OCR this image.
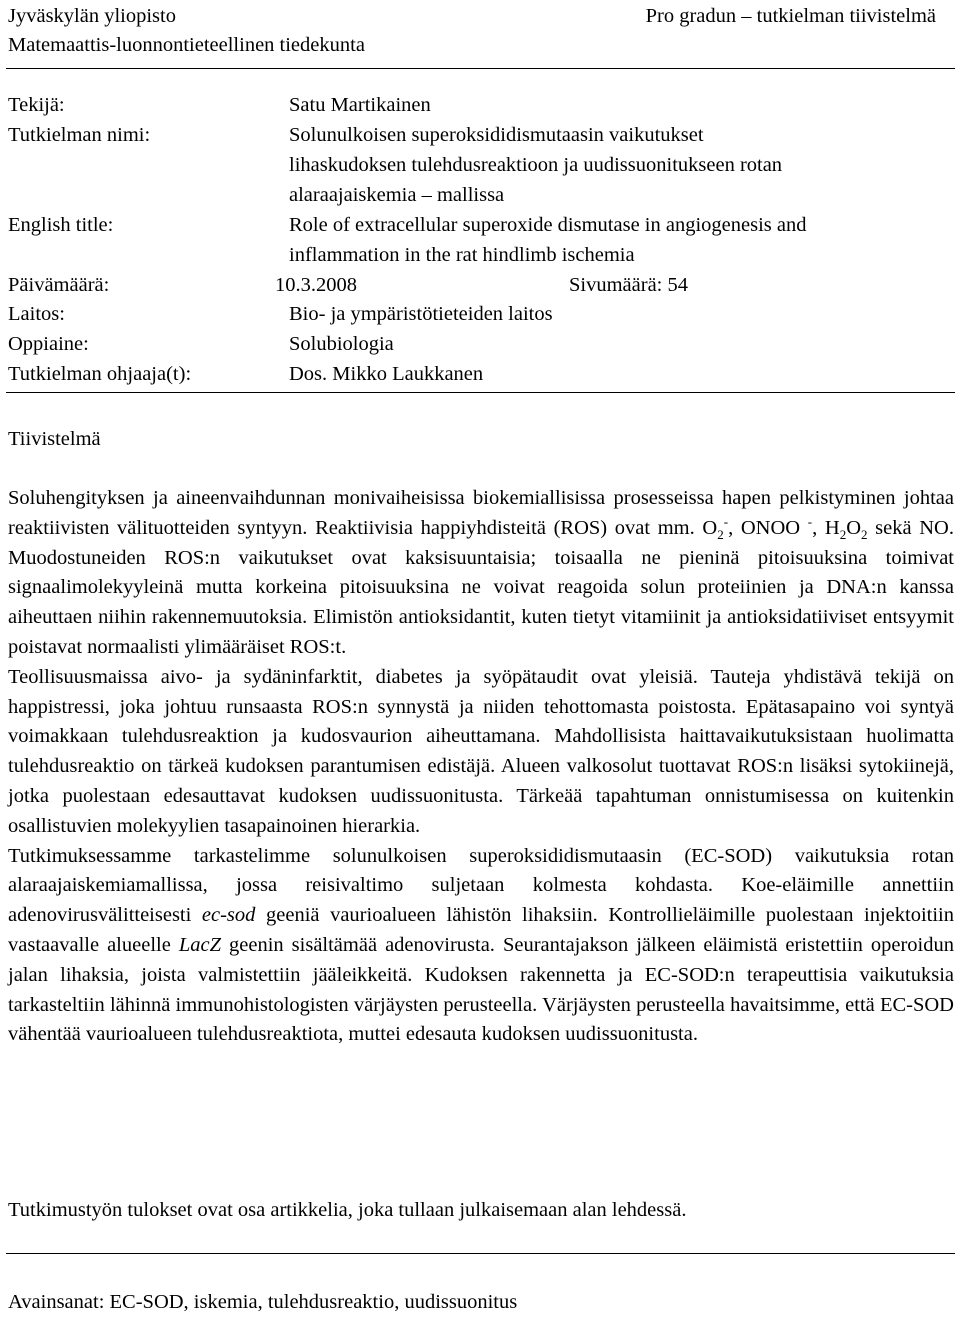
Jyväskylän yliopisto
Matemaattis-luonnontieteellinen tiedekunta
Pro gradun – tutkielman tiivistelmä
Tekijä:	Satu Martikainen
Tutkielman nimi:	Solunulkoisen superoksididismutaasin vaikutukset
lihaskudoksen tulehdusreaktioon ja uudissuonitukseen rotan
alaraajaiskemia – mallissa
English title:	Role of extracellular superoxide dismutase in angiogenesis and
inflammation in the rat hindlimb ischemia
Päivämäärä:	10.3.2008	Sivumäärä: 54
Laitos:	Bio- ja ympäristötieteiden laitos
Oppiaine:	Solubiologia
Tutkielman ohjaaja(t):	Dos. Mikko Laukkanen
Tiivistelmä

Soluhengityksen ja aineenvaihdunnan monivaiheisissa biokemiallisissa prosesseissa hapen pelkistyminen johtaa reaktiivisten välituotteiden syntyyn. Reaktiivisia happiyhdisteitä (ROS) ovat mm. $O_2^-$, ONOO -, $H_2O_2$ sekä NO. Muodostuneiden ROS:n vaikutukset ovat kaksisuuntaisia; toisaalla ne pieninä pitoisuuksina toimivat signaalimolekyyleinä mutta korkeina pitoisuuksina ne voivat reagoida solun proteiinien ja DNA:n kanssa aiheuttaen niihin rakennemuutoksia. Elimistön antioksidantit, kuten tietyt vitamiinit ja antioksidatiiviset entsyymit poistavat normaalisti ylimääräiset ROS:t.

Teollisuusmaissa aivo- ja sydäninfarktit, diabetes ja syöpätaudit ovat yleisiä. Tauteja yhdistävä tekijä on happistressi, joka johtuu runsaasta ROS:n synnystä ja niiden tehottomasta poistosta. Epätasapaino voi syntyä voimakkaan tulehdusreaktion ja kudosvaurion aiheuttamana. Mahdollisista haittavaikutuksistaan huolimatta tulehdusreaktio on tärkeä kudoksen parantumisen edistäjä. Alueen valkosolut tuottavat ROS:n lisäksi sytokiinejä, jotka puolestaan edesauttavat kudoksen uudissuonitusta. Tärkeää tapahtuman onnistumisessa on kuitenkin osallistuvien molekyylien tasapainoinen hierarkia.

Tutkimuksessamme tarkastelimme solunulkoisen superoksididismutaasin (EC-SOD) vaikutuksia rotan alaraajaiskemiamallissa, jossa reisivaltimo suljetaan kolmesta kohdasta. Koe-eläimille annettiin adenovirusvälitteisesti ec-sod geeniä vaurioalueen lähistön lihaksiin. Kontrollieläimille puolestaan injektoitiin vastaavalle alueelle LacZ geenin sisältämää adenovirusta. Seurantajakson jälkeen eläimistä eristettiin operoidun jalan lihaksia, joista valmistettiin jääleikkeitä. Kudoksen rakennetta ja EC-SOD:n terapeuttisia vaikutuksia tarkasteltiin lähinnä immunohistologisten värjäysten perusteella. Värjäysten perusteella havaitsimme, että EC-SOD vähentää vaurioalueen tulehdusreaktiota, muttei edesauta kudoksen uudissuonitusta.

Tutkimustyön tulokset ovat osa artikkelia, joka tullaan julkaisemaan alan lehdessä.
Avainsanat: EC-SOD, iskemia, tulehdusreaktio, uudissuonitus
